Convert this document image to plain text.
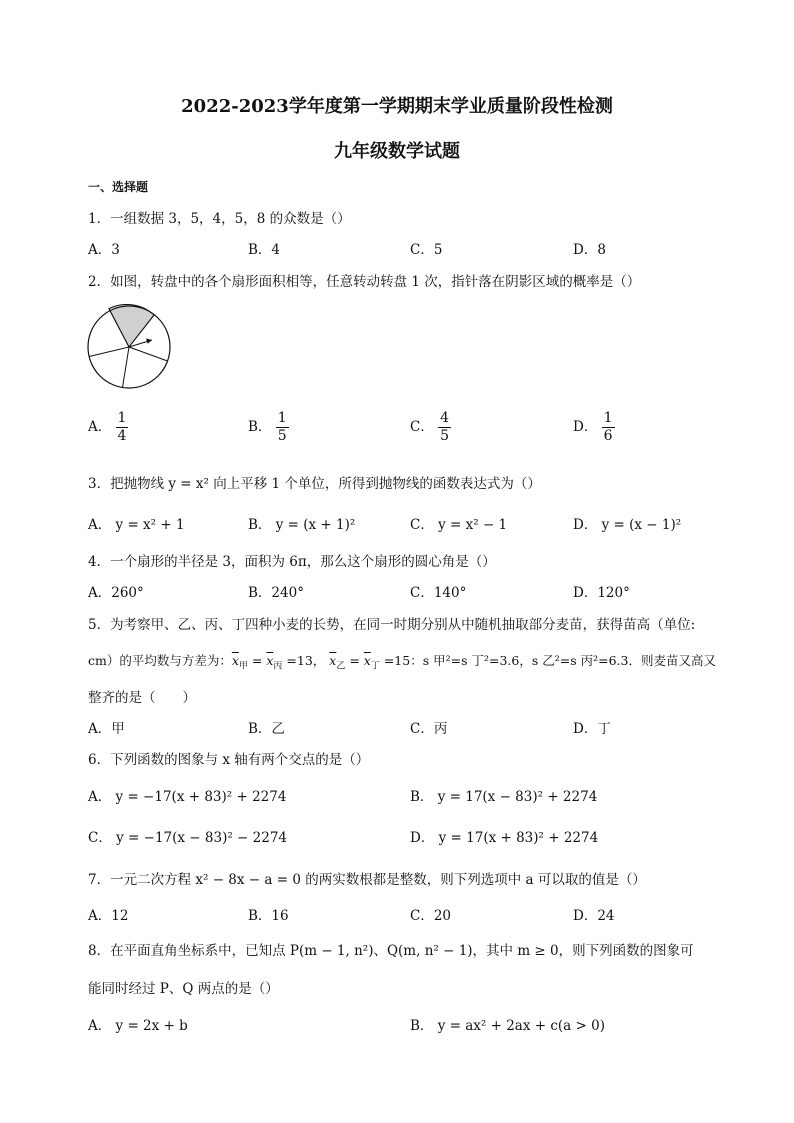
2022-2023学年度第一学期期末学业质量阶段性检测
九年级数学试题
一、选择题
1．一组数据 3，5，4，5，8 的众数是（）
A．3	B．4	C．5	D．8
2．如图，转盘中的各个扇形面积相等，任意转动转盘 1 次，指针落在阴影区域的概率是（）
A． $\frac{1}{4}$	B． $\frac{1}{5}$	C． $\frac{4}{5}$	D． $\frac{1}{6}$
3．把抛物线 y = x² 向上平移 1 个单位，所得到抛物线的函数表达式为（）
A． y = x² + 1	B． y = (x + 1)²	C． y = x² − 1	D． y = (x − 1)²
4．一个扇形的半径是 3，面积为 6π，那么这个扇形的圆心角是（）
A．260°	B．240°	C．140°	D．120°
5．为考察甲、乙、丙、丁四种小麦的长势，在同一时期分别从中随机抽取部分麦苗，获得苗高（单位:
cm）的平均数与方差为：$\overline{x}_甲 = \overline{x}_丙 =13$， $\overline{x}_乙 = \overline{x}_丁 =15$：s 甲²=s 丁²=3.6，s 乙²=s 丙²=6.3．则麦苗又高又
整齐的是（　　）
A．甲	B．乙	C．丙	D．丁
6．下列函数的图象与 x 轴有两个交点的是（）
A． y = −17(x + 83)² + 2274	B． y = 17(x − 83)² + 2274
C． y = −17(x − 83)² − 2274	D． y = 17(x + 83)² + 2274
7．一元二次方程 x² − 8x − a = 0 的两实数根都是整数，则下列选项中 a 可以取的值是（）
A．12	B．16	C．20	D．24
8．在平面直角坐标系中，已知点 P(m − 1, n²)、Q(m, n² − 1)，其中 m ≥ 0，则下列函数的图象可
能同时经过 P、Q 两点的是（）
A． y = 2x + b	B． y = ax² + 2ax + c(a > 0)
